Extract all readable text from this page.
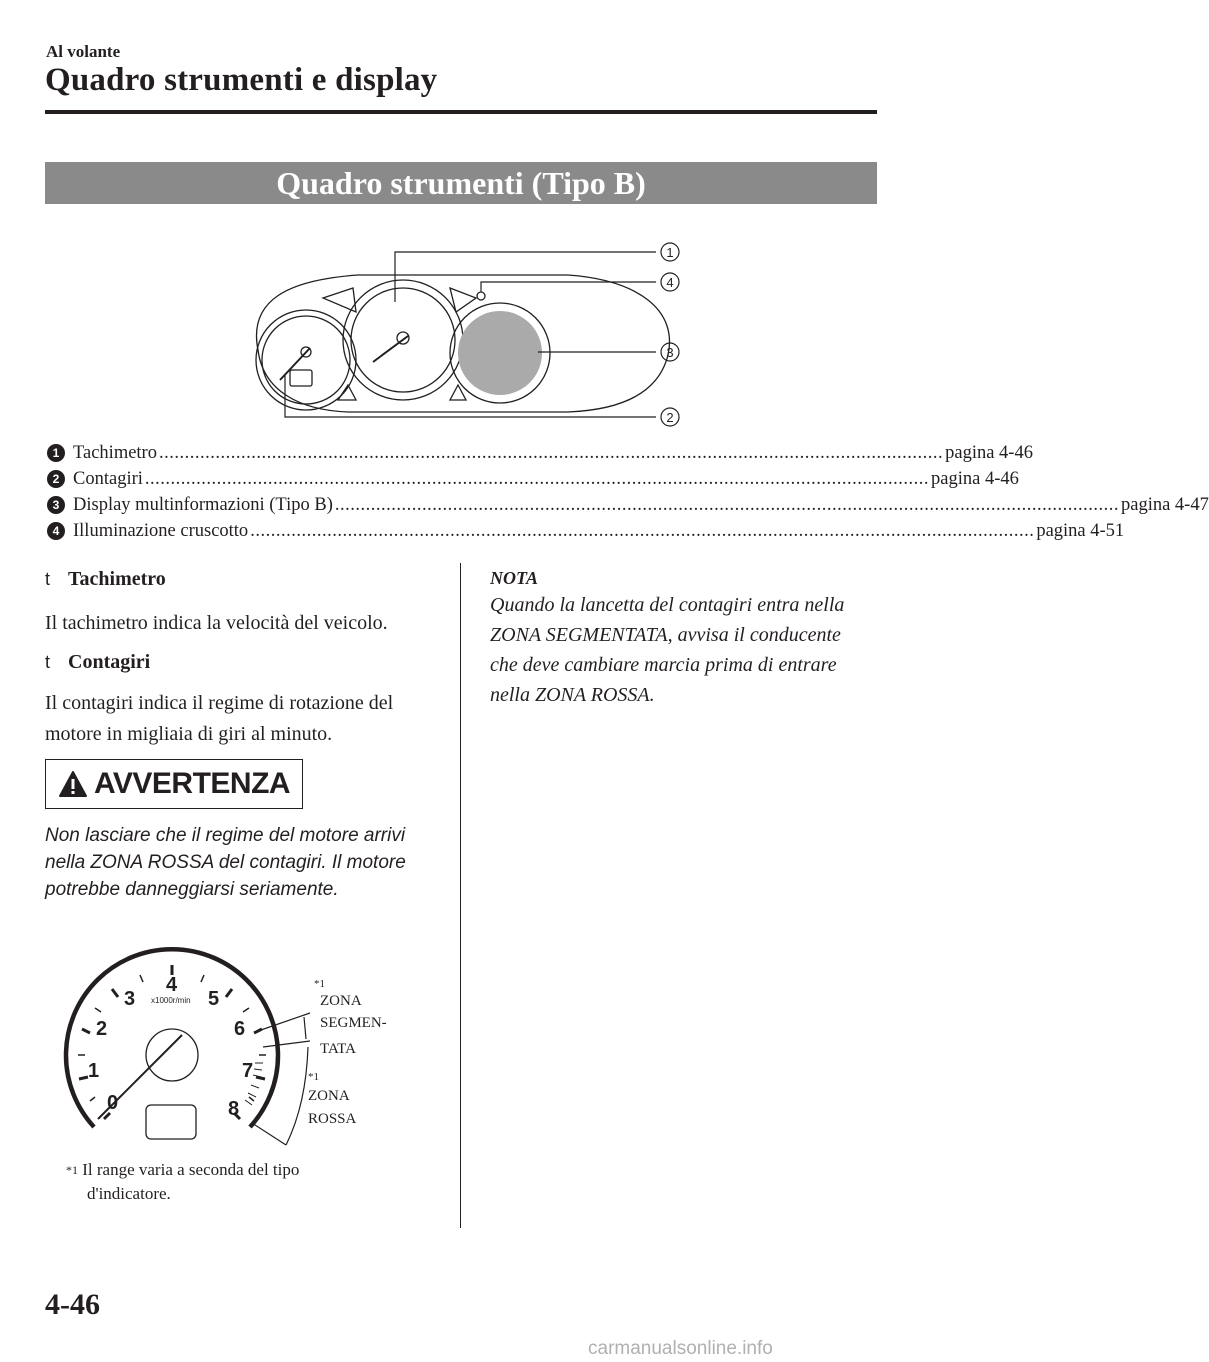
Al volante
Quadro strumenti e display
Quadro strumenti (Tipo B)
1
4
3
2
1 Tachimetro ......................................................................................................................................................... pagina 4-46
2 Contagiri ......................................................................................................................................................... pagina 4-46
3 Display multinformazioni (Tipo B) ......................................................................................................................................................... pagina 4-47
4 Illuminazione cruscotto ......................................................................................................................................................... pagina 4-51
t Tachimetro
Il tachimetro indica la velocità del veicolo.
t Contagiri
Il contagiri indica il regime di rotazione del motore in migliaia di giri al minuto.
AVVERTENZA
Non lasciare che il regime del motore arrivi nella ZONA ROSSA del contagiri. Il motore potrebbe danneggiarsi seriamente.
0
1
2
3
4
5
6
7
8
x1000r/min
*1
ZONA
SEGMEN-
TATA
*1
ZONA
ROSSA
$^{*1}$ Il range varia a seconda del tipo
d'indicatore.
NOTA
Quando la lancetta del contagiri entra nella ZONA SEGMENTATA, avvisa il conducente che deve cambiare marcia prima di entrare nella ZONA ROSSA.
4-46
carmanualsonline.info
